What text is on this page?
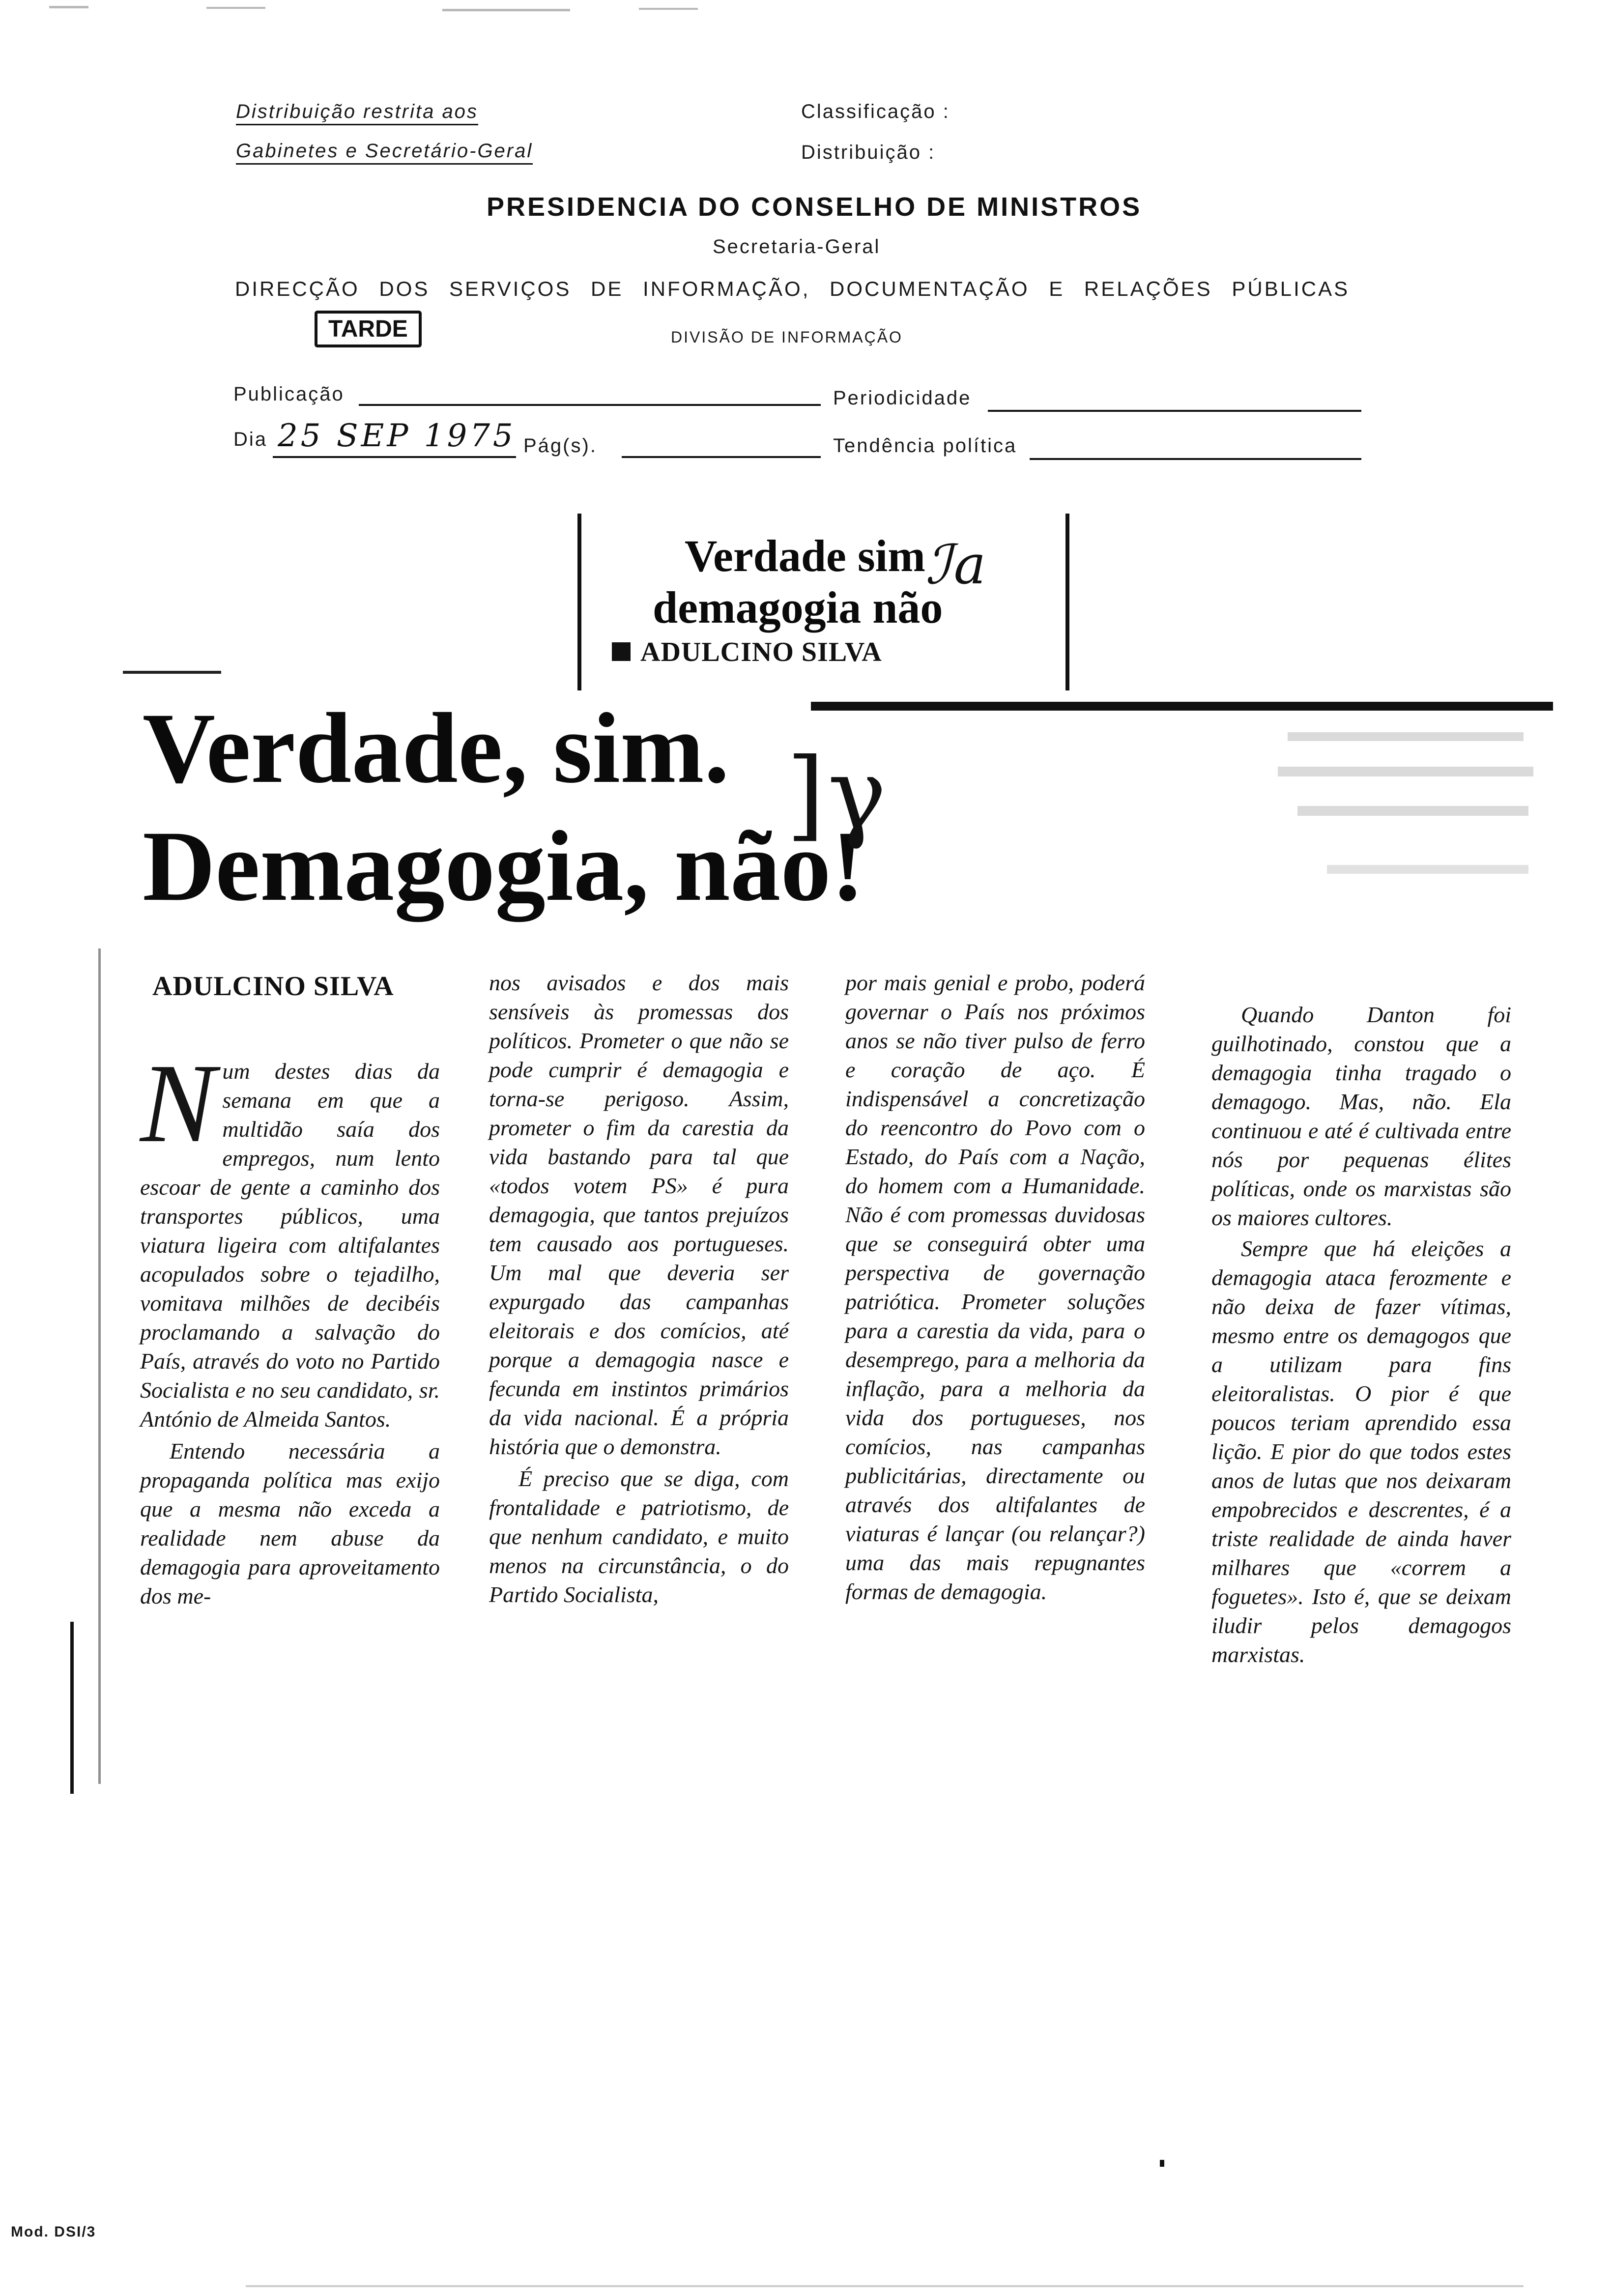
Distribuição restrita aos
Gabinetes e Secretário-Geral
Classificação :
Distribuição :
PRESIDENCIA DO CONSELHO DE MINISTROS
Secretaria-Geral
DIRECÇÃO DOS SERVIÇOS DE INFORMAÇÃO, DOCUMENTAÇÃO E RELAÇÕES PÚBLICAS
TARDE	DIVISÃO DE INFORMAÇÃO
Publicação	Periodicidade
Dia 25 SEP 1975 Pág(s).	Tendência política
Verdade sim
demagogia não
ADULCINO SILVA
ℐa
Verdade, sim.
Demagogia, não!
]γ
ADULCINO SILVA
N um destes dias da semana em que a multidão saía dos empregos, num lento escoar de gente a caminho dos transportes públicos, uma viatura ligeira com altifalantes acopulados sobre o tejadilho, vomitava milhões de decibéis proclamando a salvação do País, através do voto no Partido Socialista e no seu candidato, sr. António de Almeida Santos.

Entendo necessária a propaganda política mas exijo que a mesma não exceda a realidade nem abuse da demagogia para aproveitamento dos me-

nos avisados e dos mais sensíveis às promessas dos políticos. Prometer o que não se pode cumprir é demagogia e torna-se perigoso. Assim, prometer o fim da carestia da vida bastando para tal que «todos votem PS» é pura demagogia, que tantos prejuízos tem causado aos portugueses. Um mal que deveria ser expurgado das campanhas eleitorais e dos comícios, até porque a demagogia nasce e fecunda em instintos primários da vida nacional. É a própria história que o demonstra.

É preciso que se diga, com frontalidade e patriotismo, de que nenhum candidato, e muito menos na circunstância, o do Partido Socialista,

por mais genial e probo, poderá governar o País nos próximos anos se não tiver pulso de ferro e coração de aço. É indispensável a concretização do reencontro do Povo com o Estado, do País com a Nação, do homem com a Humanidade. Não é com promessas duvidosas que se conseguirá obter uma perspectiva de governação patriótica. Prometer soluções para a carestia da vida, para o desemprego, para a melhoria da inflação, para a melhoria da vida dos portugueses, nos comícios, nas campanhas publicitárias, directamente ou através dos altifalantes de viaturas é lançar (ou relançar?) uma das mais repugnantes formas de demagogia.

Quando Danton foi guilhotinado, constou que a demagogia tinha tragado o demagogo. Mas, não. Ela continuou e até é cultivada entre nós por pequenas élites políticas, onde os marxistas são os maiores cultores.

Sempre que há eleições a demagogia ataca ferozmente e não deixa de fazer vítimas, mesmo entre os demagogos que a utilizam para fins eleitoralistas. O pior é que poucos teriam aprendido essa lição. E pior do que todos estes anos de lutas que nos deixaram empobrecidos e descrentes, é a triste realidade de ainda haver milhares que «correm a foguetes». Isto é, que se deixam iludir pelos demagogos marxistas.

Mod. DSI/3
